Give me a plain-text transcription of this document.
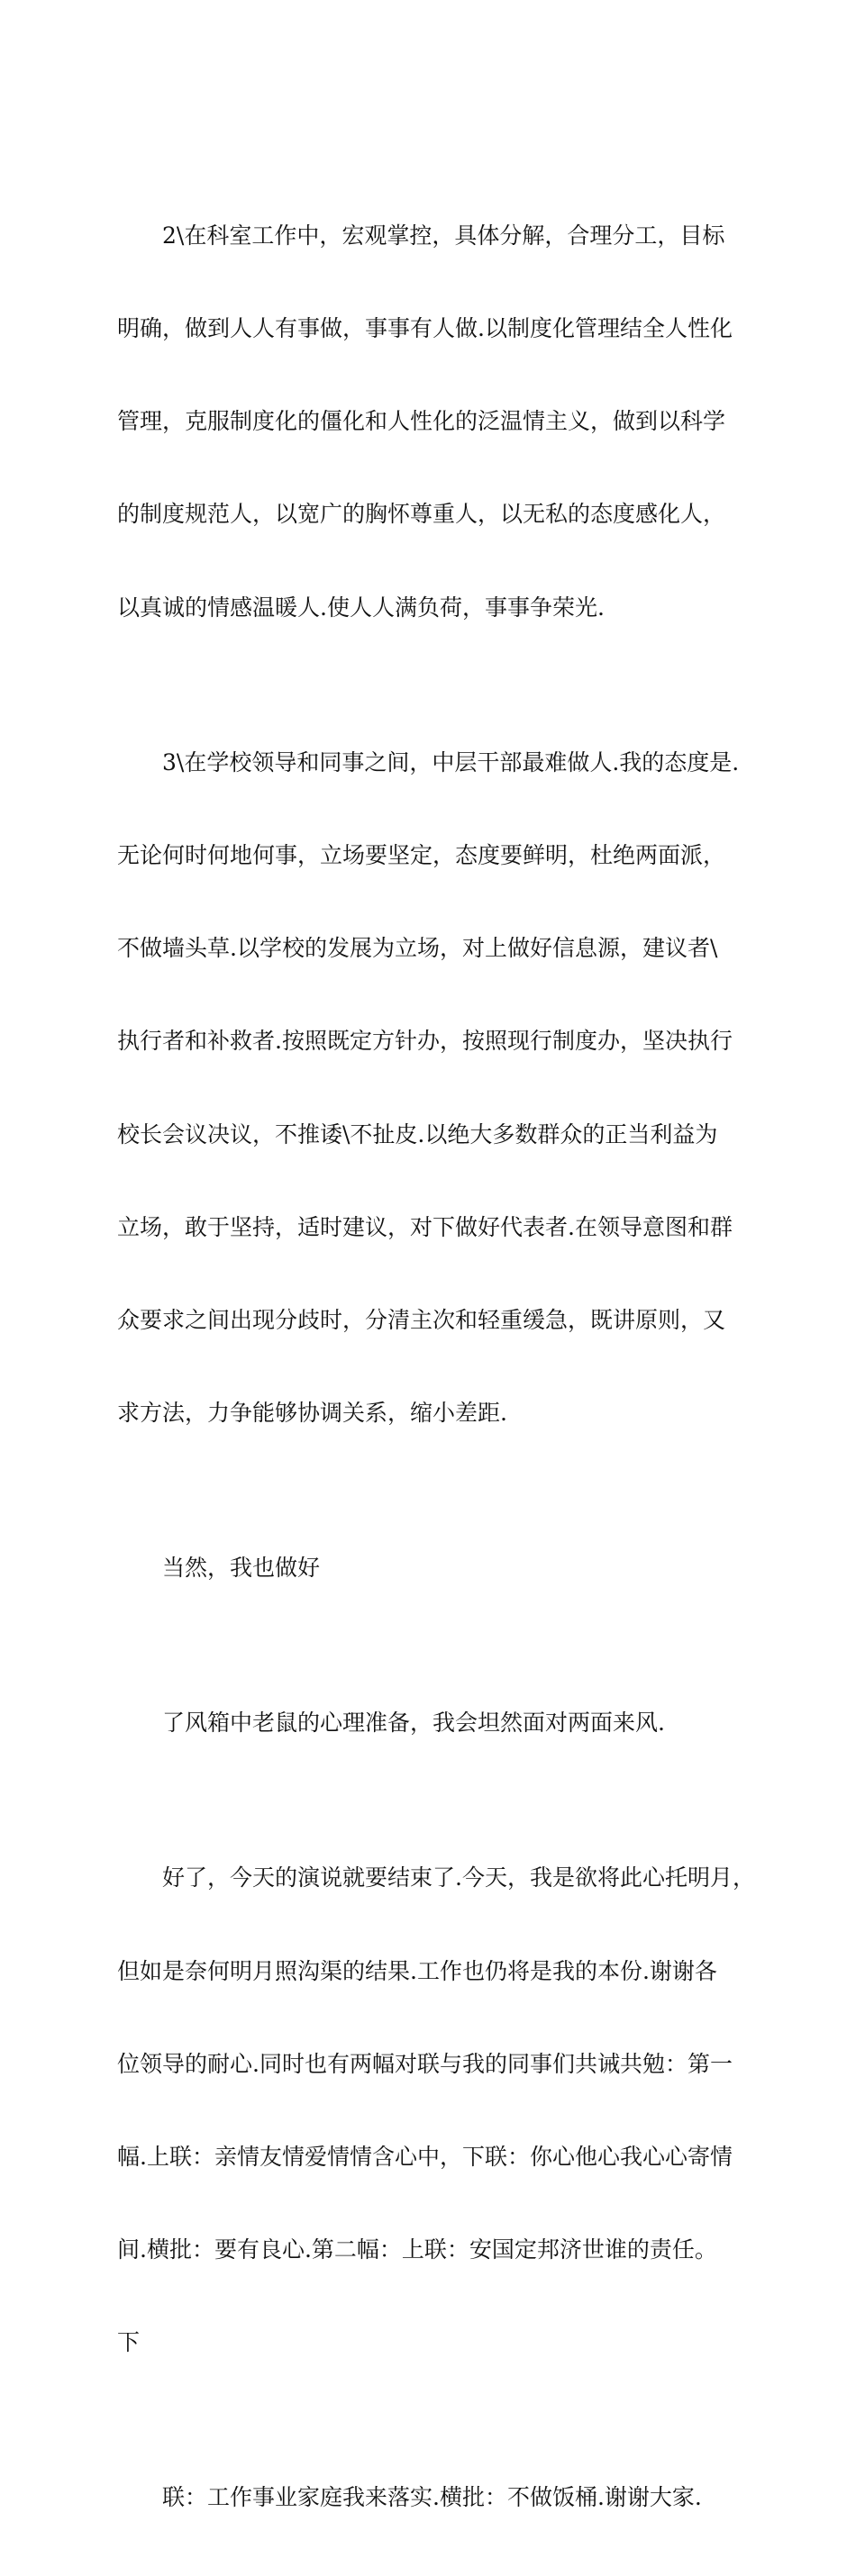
2\在科室工作中，宏观掌控，具体分解，合理分工，目标

明确，做到人人有事做，事事有人做.以制度化管理结全人性化

管理，克服制度化的僵化和人性化的泛温情主义，做到以科学

的制度规范人，以宽广的胸怀尊重人，以无私的态度感化人，

以真诚的情感温暖人.使人人满负荷，事事争荣光.

3\在学校领导和同事之间，中层干部最难做人.我的态度是.

无论何时何地何事，立场要坚定，态度要鲜明，杜绝两面派，

不做墙头草.以学校的发展为立场，对上做好信息源，建议者\

执行者和补救者.按照既定方针办，按照现行制度办，坚决执行

校长会议决议，不推诿\不扯皮.以绝大多数群众的正当利益为

立场，敢于坚持，适时建议，对下做好代表者.在领导意图和群

众要求之间出现分歧时，分清主次和轻重缓急，既讲原则，又

求方法，力争能够协调关系，缩小差距.

当然，我也做好

了风箱中老鼠的心理准备，我会坦然面对两面来风.

好了，今天的演说就要结束了.今天，我是欲将此心托明月，

但如是奈何明月照沟渠的结果.工作也仍将是我的本份.谢谢各

位领导的耐心.同时也有两幅对联与我的同事们共诫共勉：第一

幅.上联：亲情友情爱情情含心中，下联：你心他心我心心寄情

间.横批：要有良心.第二幅：上联：安国定邦济世谁的责任。

下

联：工作事业家庭我来落实.横批：不做饭桶.谢谢大家.
